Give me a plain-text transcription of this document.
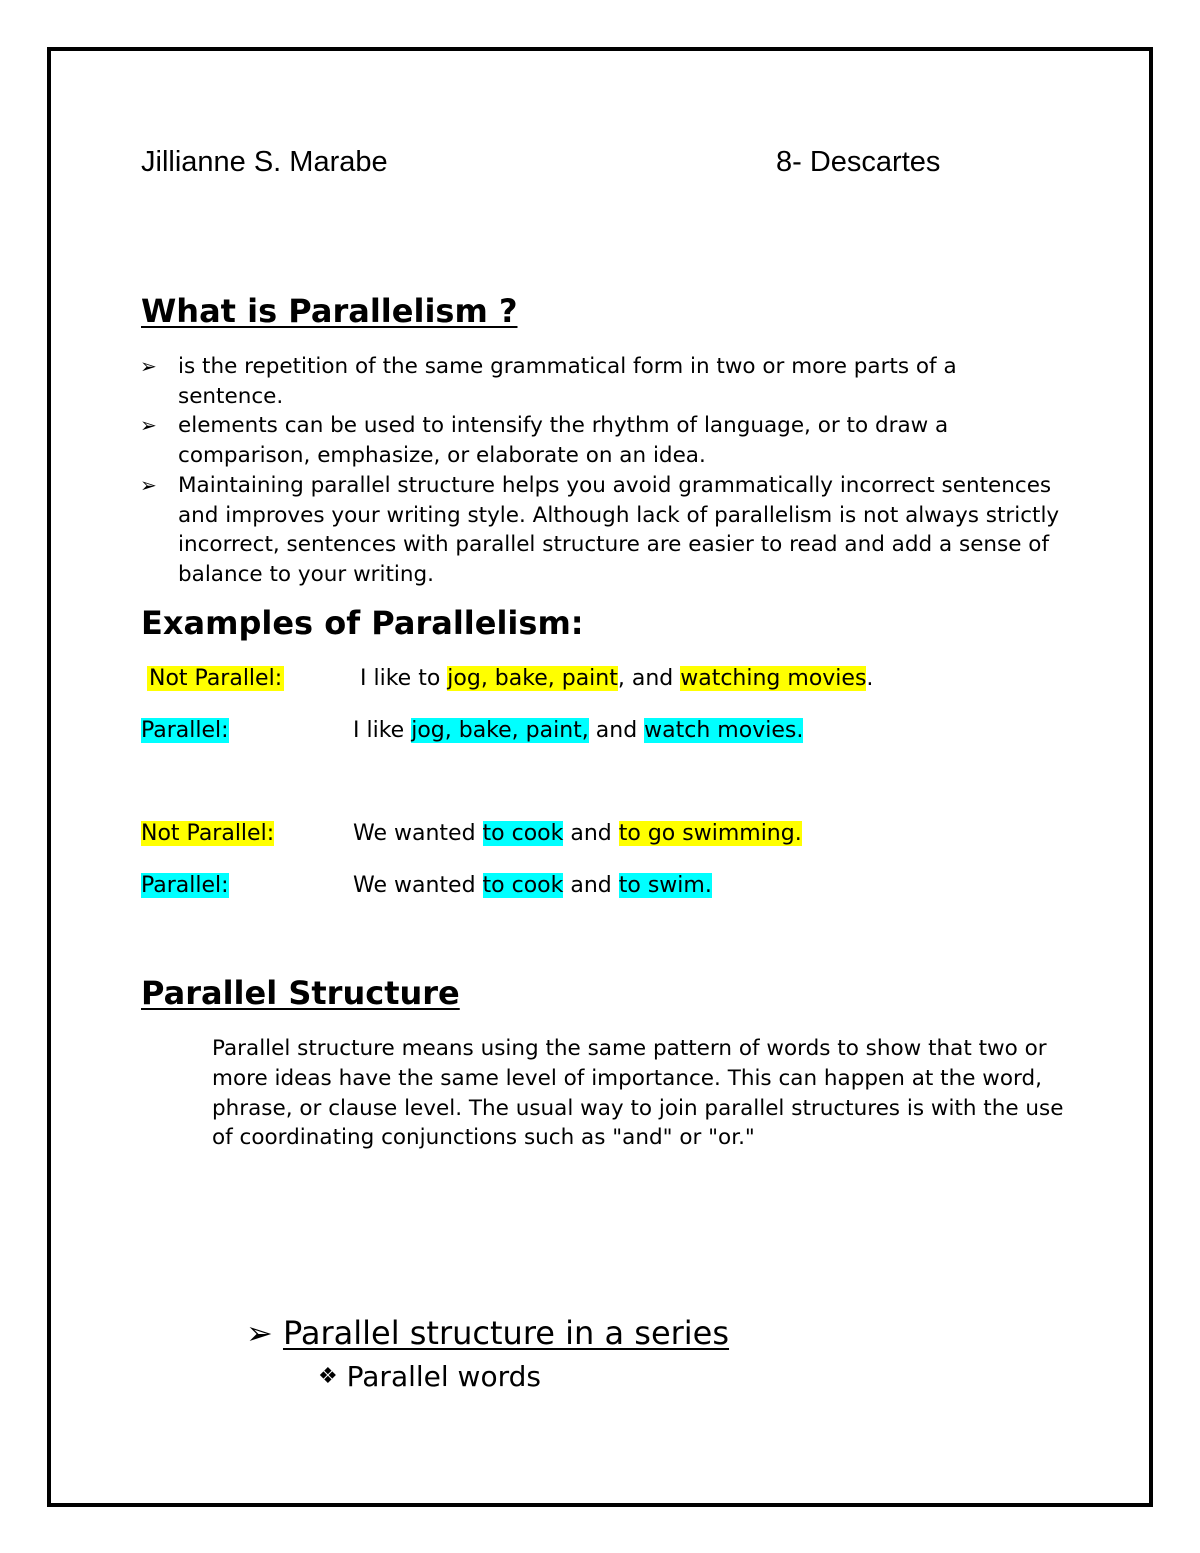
Jillianne S. Marabe	8- Descartes
What is Parallelism ?
➢ is the repetition of the same grammatical form in two or more parts of a sentence.
➢ elements can be used to intensify the rhythm of language, or to draw a comparison, emphasize, or elaborate on an idea.
➢ Maintaining parallel structure helps you avoid grammatically incorrect sentences and improves your writing style. Although lack of parallelism is not always strictly incorrect, sentences with parallel structure are easier to read and add a sense of balance to your writing.
Examples of Parallelism:
Not Parallel:	I like to jog, bake, paint, and watching movies.
Parallel:	I like jog, bake, paint, and watch movies.
Not Parallel:	We wanted to cook and to go swimming.
Parallel:	We wanted to cook and to swim.
Parallel Structure
Parallel structure means using the same pattern of words to show that two or more ideas have the same level of importance. This can happen at the word, phrase, or clause level. The usual way to join parallel structures is with the use of coordinating conjunctions such as "and" or "or."
➢ Parallel structure in a series
❖ Parallel words
